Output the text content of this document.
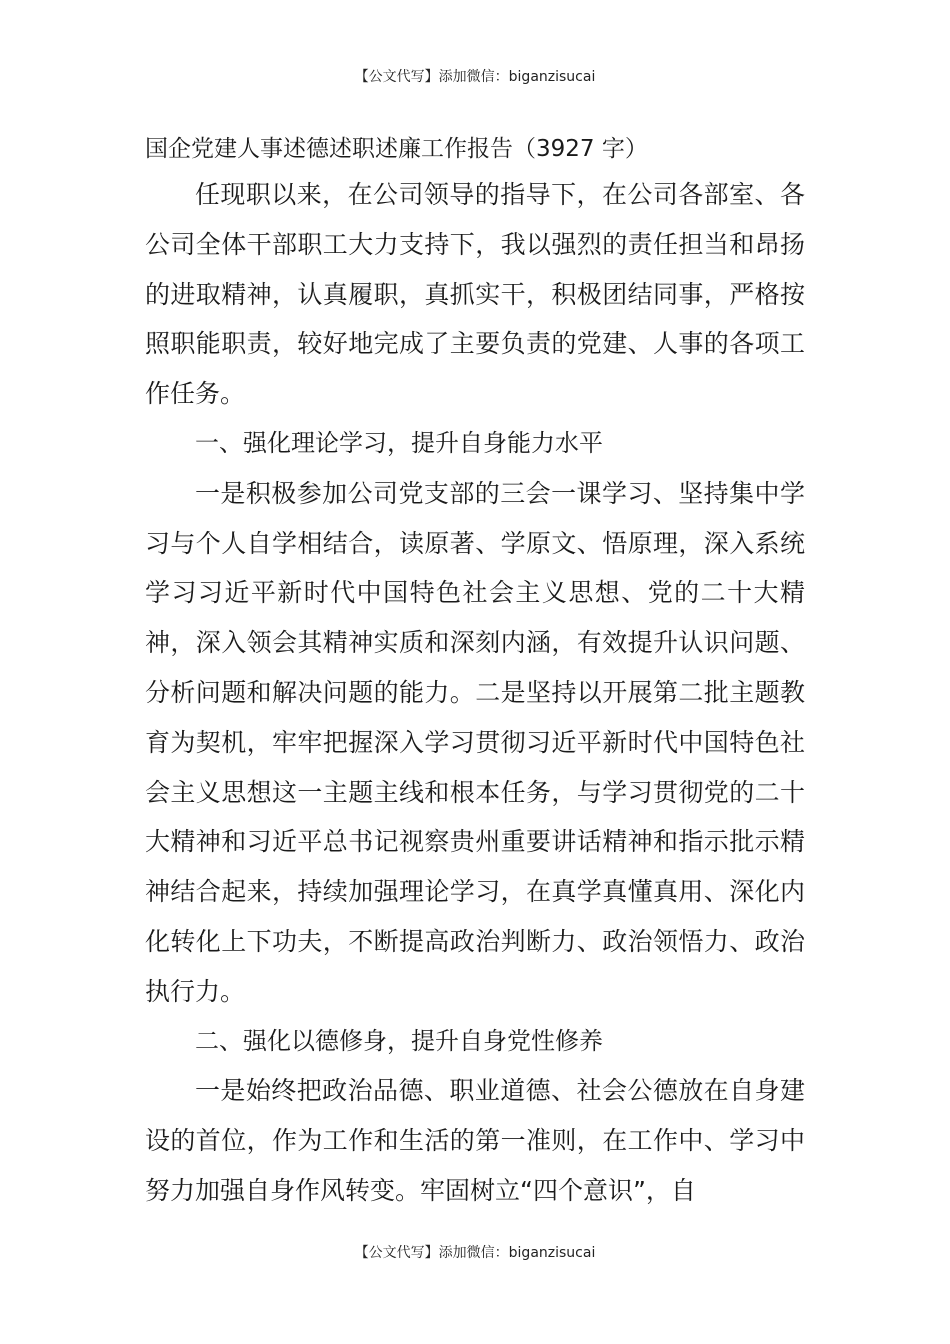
【公文代写】添加微信：biganzisucai
国企党建人事述德述职述廉工作报告（3927 字）

任现职以来，在公司领导的指导下，在公司各部室、各公司全体干部职工大力支持下，我以强烈的责任担当和昂扬的进取精神，认真履职，真抓实干，积极团结同事，严格按照职能职责，较好地完成了主要负责的党建、人事的各项工作任务。

一、强化理论学习，提升自身能力水平

一是积极参加公司党支部的三会一课学习、坚持集中学习与个人自学相结合，读原著、学原文、悟原理，深入系统学习习近平新时代中国特色社会主义思想、党的二十大精神，深入领会其精神实质和深刻内涵，有效提升认识问题、分析问题和解决问题的能力。二是坚持以开展第二批主题教育为契机，牢牢把握深入学习贯彻习近平新时代中国特色社会主义思想这一主题主线和根本任务，与学习贯彻党的二十大精神和习近平总书记视察贵州重要讲话精神和指示批示精神结合起来，持续加强理论学习，在真学真懂真用、深化内化转化上下功夫，不断提高政治判断力、政治领悟力、政治执行力。

二、强化以德修身，提升自身党性修养

一是始终把政治品德、职业道德、社会公德放在自身建设的首位，作为工作和生活的第一准则，在工作中、学习中努力加强自身作风转变。牢固树立“四个意识”，自

【公文代写】添加微信：biganzisucai
